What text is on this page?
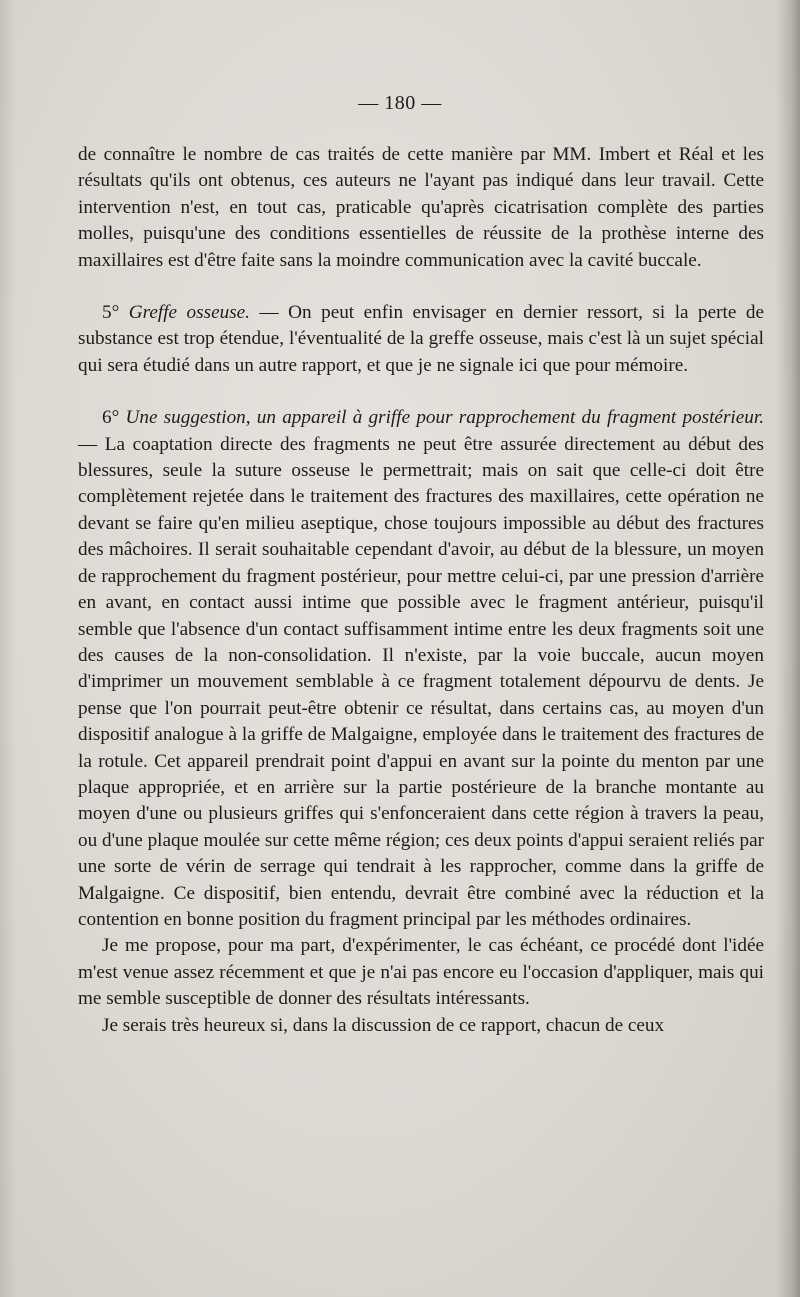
— 180 —

de connaître le nombre de cas traités de cette manière par MM. Imbert et Réal et les résultats qu'ils ont obtenus, ces auteurs ne l'ayant pas indiqué dans leur travail. Cette intervention n'est, en tout cas, praticable qu'après cicatrisation complète des parties molles, puisqu'une des conditions essentielles de réussite de la prothèse interne des maxillaires est d'être faite sans la moindre communication avec la cavité buccale.

5° Greffe osseuse. — On peut enfin envisager en dernier ressort, si la perte de substance est trop étendue, l'éventualité de la greffe osseuse, mais c'est là un sujet spécial qui sera étudié dans un autre rapport, et que je ne signale ici que pour mémoire.

6° Une suggestion, un appareil à griffe pour rapprochement du fragment postérieur. — La coaptation directe des fragments ne peut être assurée directement au début des blessures, seule la suture osseuse le permettrait; mais on sait que celle-ci doit être complètement rejetée dans le traitement des fractures des maxillaires, cette opération ne devant se faire qu'en milieu aseptique, chose toujours impossible au début des fractures des mâchoires. Il serait souhaitable cependant d'avoir, au début de la blessure, un moyen de rapprochement du fragment postérieur, pour mettre celui-ci, par une pression d'arrière en avant, en contact aussi intime que possible avec le fragment antérieur, puisqu'il semble que l'absence d'un contact suffisamment intime entre les deux fragments soit une des causes de la non-consolidation. Il n'existe, par la voie buccale, aucun moyen d'imprimer un mouvement semblable à ce fragment totalement dépourvu de dents. Je pense que l'on pourrait peut-être obtenir ce résultat, dans certains cas, au moyen d'un dispositif analogue à la griffe de Malgaigne, employée dans le traitement des fractures de la rotule. Cet appareil prendrait point d'appui en avant sur la pointe du menton par une plaque appropriée, et en arrière sur la partie postérieure de la branche montante au moyen d'une ou plusieurs griffes qui s'enfonceraient dans cette région à travers la peau, ou d'une plaque moulée sur cette même région; ces deux points d'appui seraient reliés par une sorte de vérin de serrage qui tendrait à les rapprocher, comme dans la griffe de Malgaigne. Ce dispositif, bien entendu, devrait être combiné avec la réduction et la contention en bonne position du fragment principal par les méthodes ordinaires.

Je me propose, pour ma part, d'expérimenter, le cas échéant, ce procédé dont l'idée m'est venue assez récemment et que je n'ai pas encore eu l'occasion d'appliquer, mais qui me semble susceptible de donner des résultats intéressants.

Je serais très heureux si, dans la discussion de ce rapport, chacun de ceux
